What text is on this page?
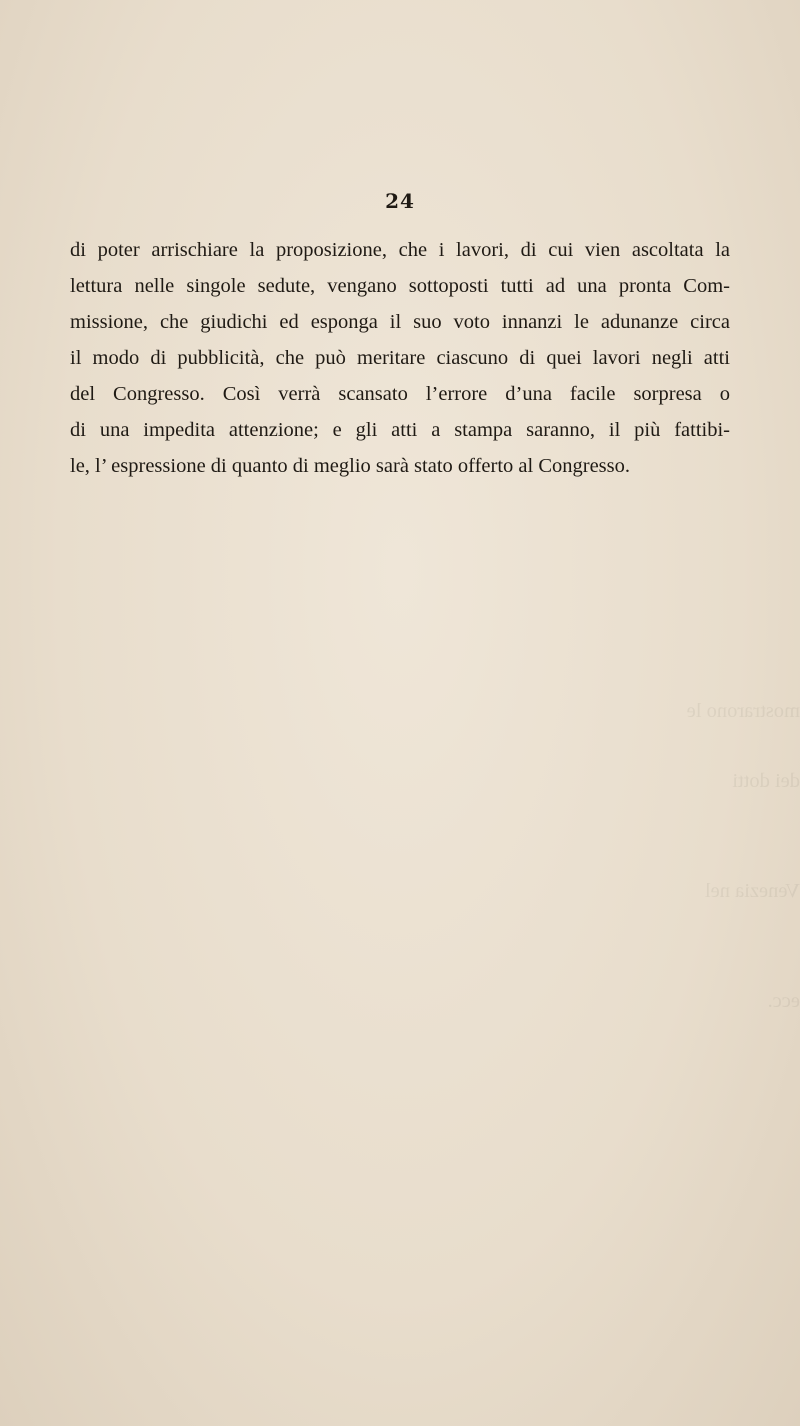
mostrarono le
dei dotti
Venezia nel
ecc.
24
di poter arrischiare la proposizione, che i lavori, di cui vien ascoltata la
lettura nelle singole sedute, vengano sottoposti tutti ad una pronta Com-
missione, che giudichi ed esponga il suo voto innanzi le adunanze circa
il modo di pubblicità, che può meritare ciascuno di quei lavori negli atti
del Congresso. Così verrà scansato l’errore d’una facile sorpresa o
di una impedita attenzione; e gli atti a stampa saranno, il più fattibi-
le, l’ espressione di quanto di meglio sarà stato offerto al Congresso.
